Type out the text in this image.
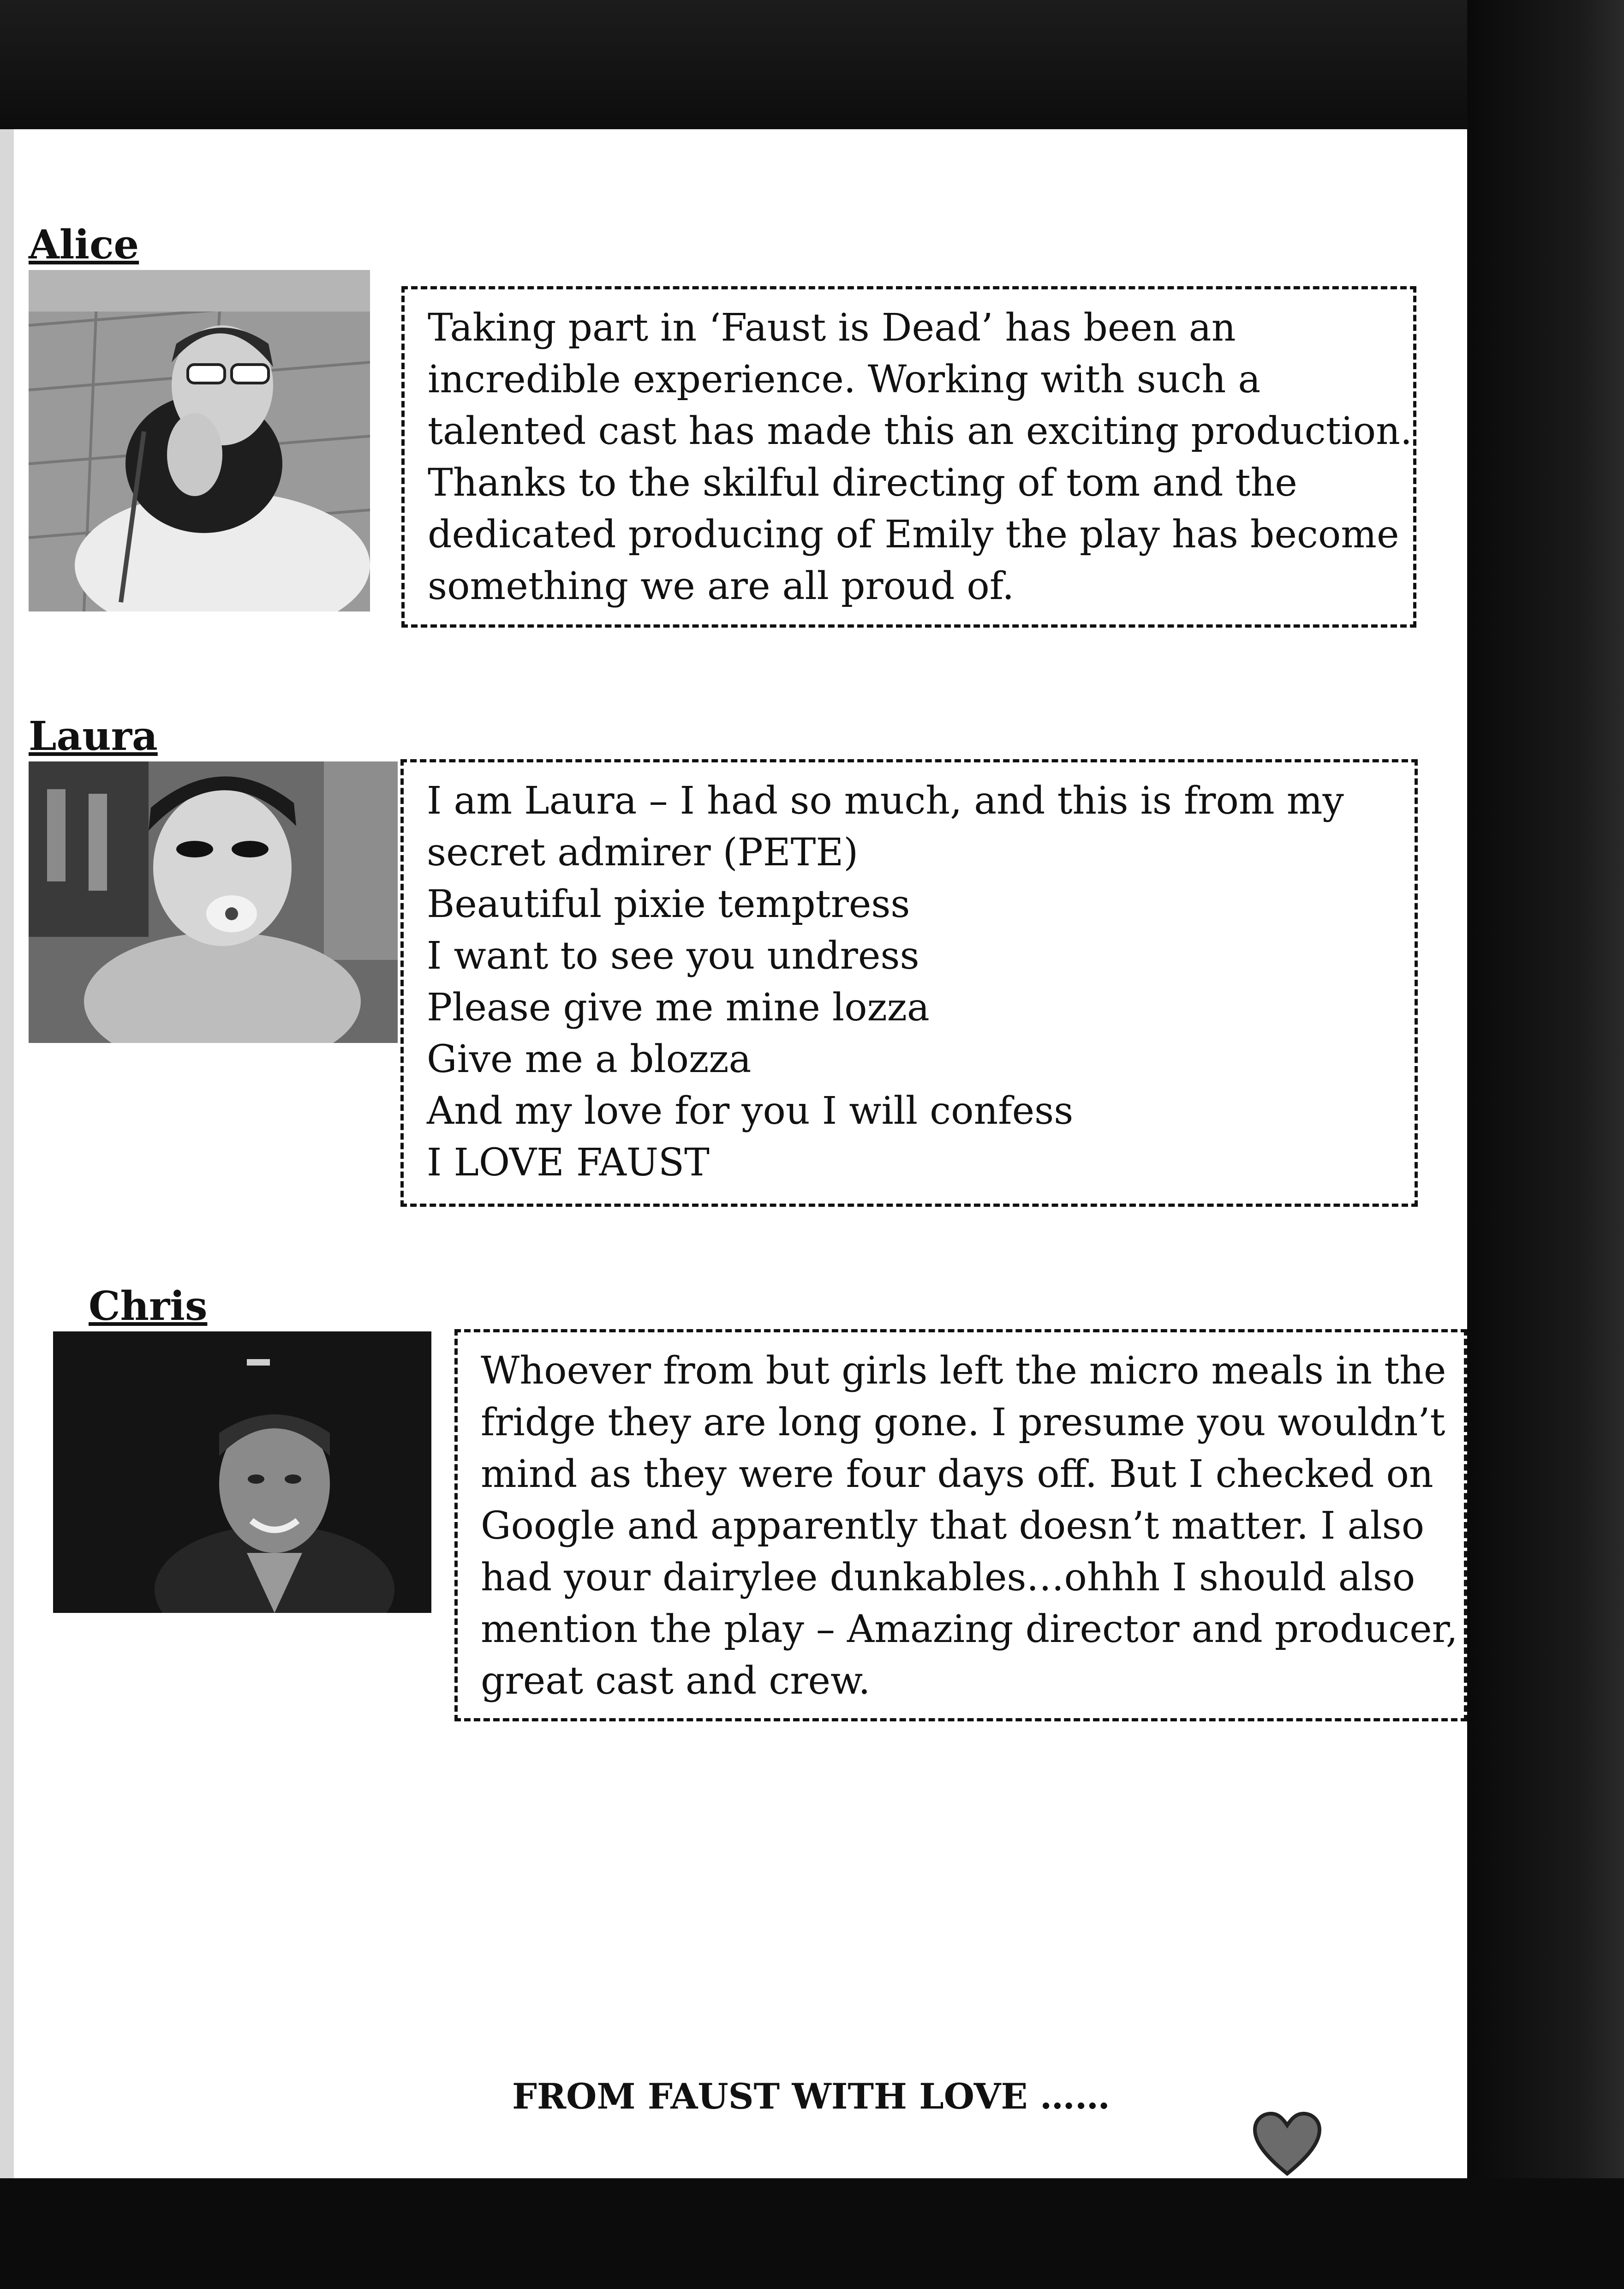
Alice

Taking part in ‘Faust is Dead’ has been an

incredible experience. Working with such a

talented cast has made this an exciting production.

Thanks to the skilful directing of tom and the

dedicated producing of Emily the play has become

something we are all proud of.

Laura

I am Laura – I had so much, and this is from my

secret admirer (PETE)

Beautiful pixie temptress

I want to see you undress

Please give me mine lozza

Give me a blozza

And my love for you I will confess

I LOVE FAUST

Chris

Whoever from but girls left the micro meals in the

fridge they are long gone. I presume you wouldn’t

mind as they were four days off. But I checked on

Google and apparently that doesn’t matter. I also

had your dairylee dunkables…ohhh I should also

mention the play – Amazing director and producer,

great cast and crew.

FROM FAUST WITH LOVE ……
